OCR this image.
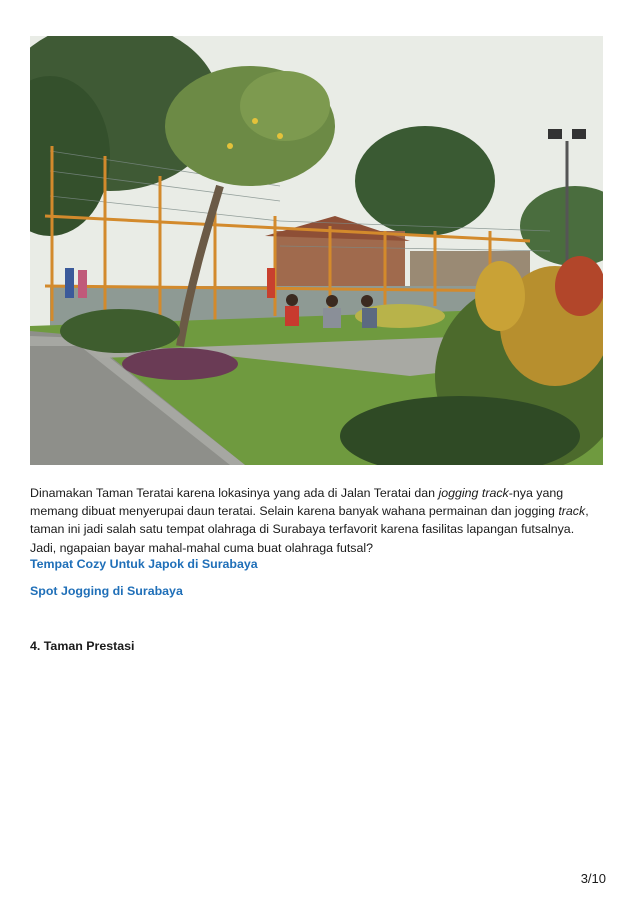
Dinamakan Taman Teratai karena lokasinya yang ada di Jalan Teratai dan jogging track-nya yang memang dibuat menyerupai daun teratai. Selain karena banyak wahana permainan dan jogging track, taman ini jadi salah satu tempat olahraga di Surabaya terfavorit karena fasilitas lapangan futsalnya. Jadi, ngapaian bayar mahal-mahal cuma buat olahraga futsal?

Tempat Cozy Untuk Japok di Surabaya
Spot Jogging di Surabaya
4. Taman Prestasi
3/10
